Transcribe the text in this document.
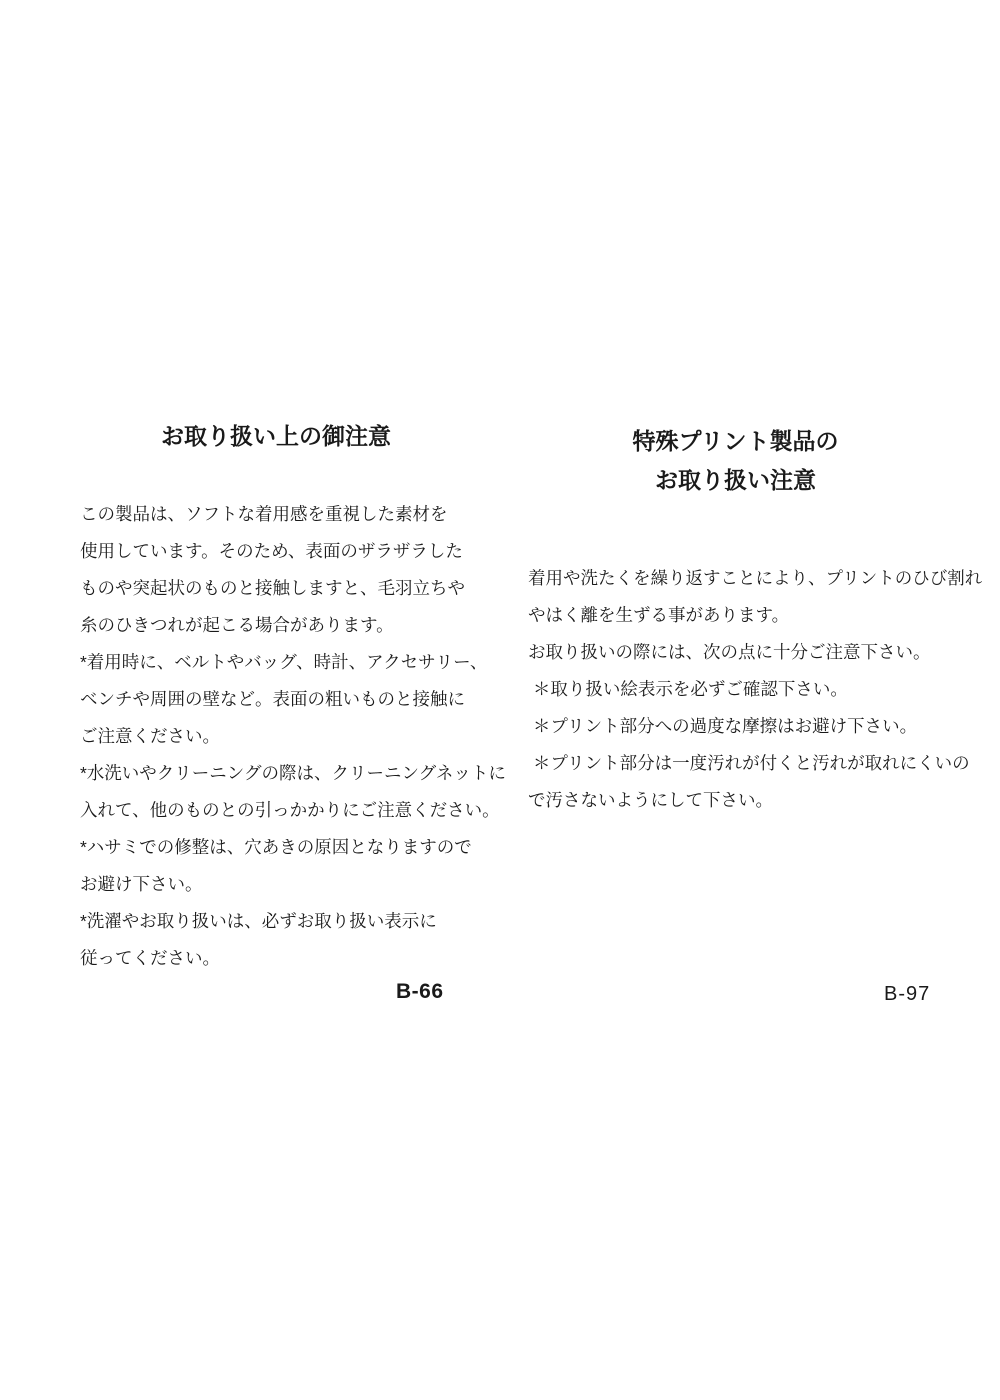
お取り扱い上の御注意
この製品は、ソフトな着用感を重視した素材を
使用しています。そのため、表面のザラザラした
ものや突起状のものと接触しますと、毛羽立ちや
糸のひきつれが起こる場合があります。
*着用時に、ベルトやバッグ、時計、アクセサリー、
ベンチや周囲の壁など。表面の粗いものと接触に
ご注意ください。
*水洗いやクリーニングの際は、クリーニングネットに
入れて、他のものとの引っかかりにご注意ください。
*ハサミでの修整は、穴あきの原因となりますので
お避け下さい。
*洗濯やお取り扱いは、必ずお取り扱い表示に
従ってください。
特殊プリント製品の
お取り扱い注意
着用や洗たくを繰り返すことにより、プリントのひび割れ
やはく離を生ずる事があります。
お取り扱いの際には、次の点に十分ご注意下さい。
＊取り扱い絵表示を必ずご確認下さい。
＊プリント部分への過度な摩擦はお避け下さい。
＊プリント部分は一度汚れが付くと汚れが取れにくいの
で汚さないようにして下さい。
B-66	B-97
